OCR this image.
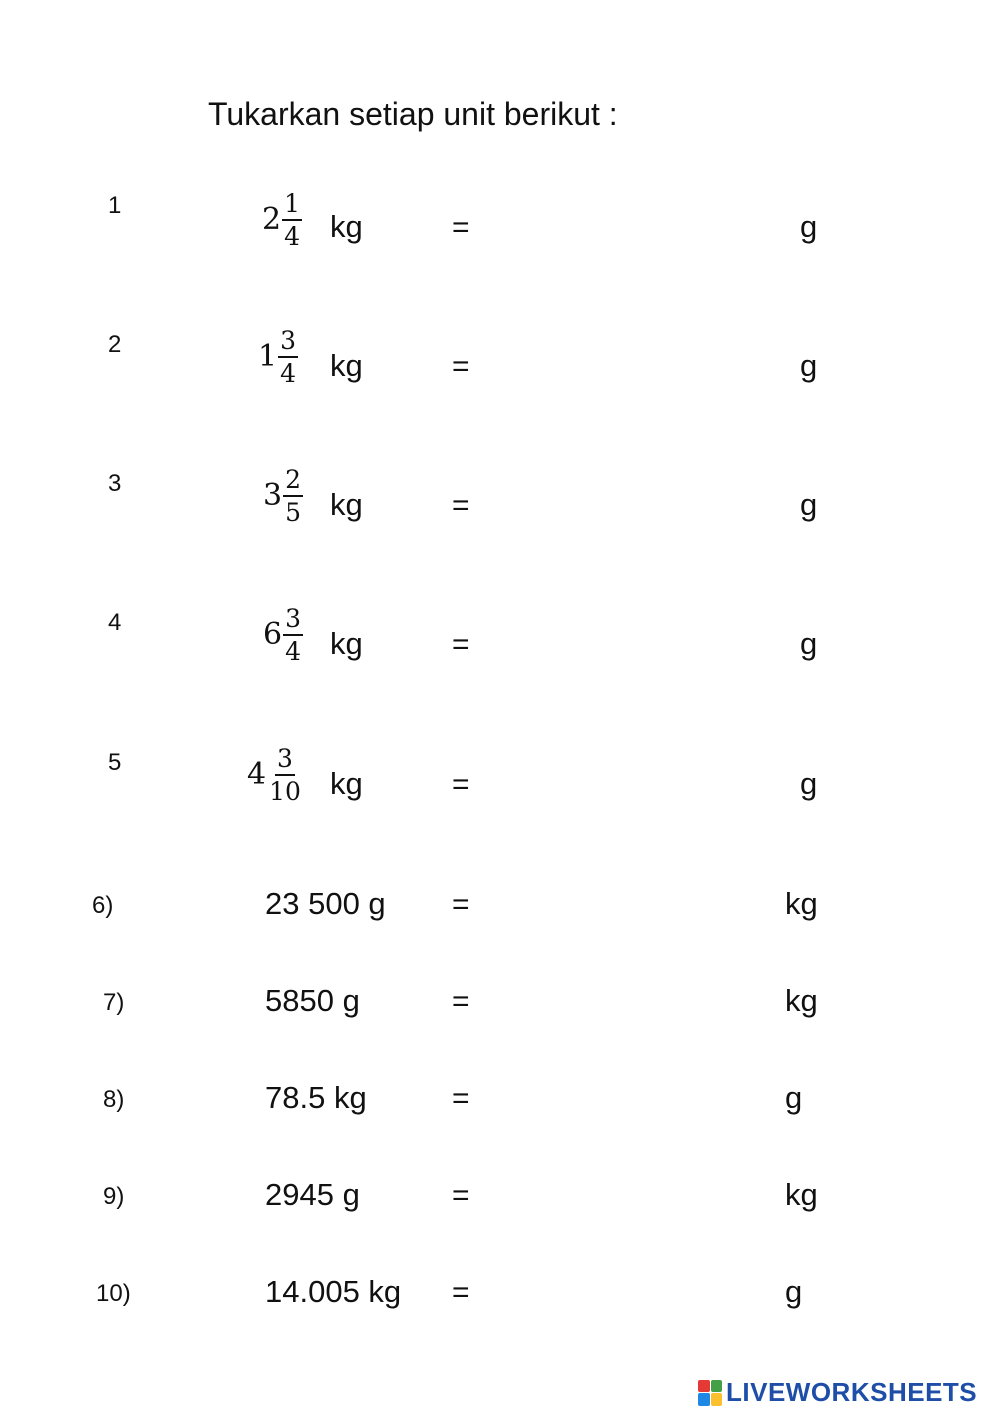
Tukarkan setiap unit berikut :
1	$2 \frac{1}{4}$ kg	=	g
2	$1 \frac{3}{4}$ kg	=	g
3	$3 \frac{2}{5}$ kg	=	g
4	$6 \frac{3}{4}$ kg	=	g
5	$4 \frac{3}{10}$ kg	=	g
6)	23 500 g =	kg
7)	5850 g	=	kg
8)	78.5 kg	=	g
9)	2945 g	=	kg
10)	14.005 kg =	g
LIVEWORKSHEETS
